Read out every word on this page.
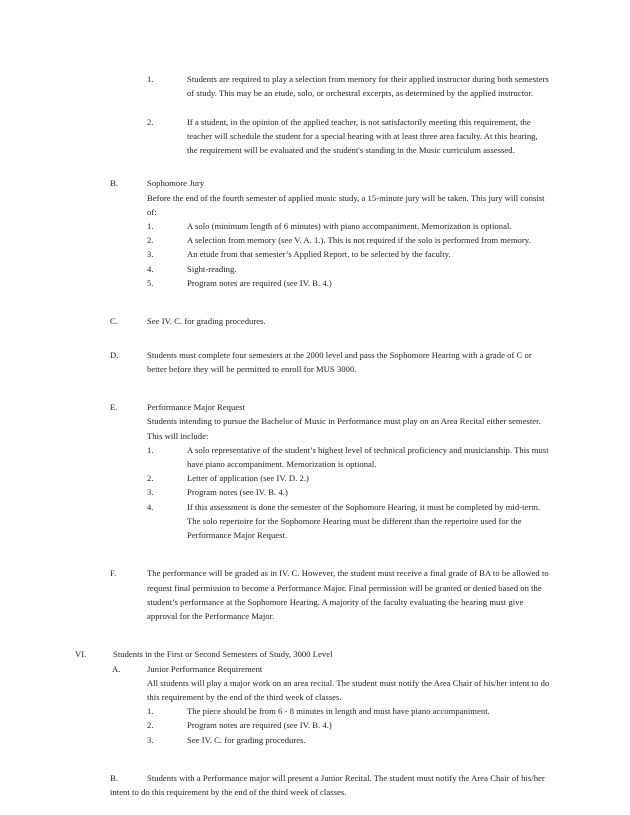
1.	Students are required to play a selection from memory for their applied instructor during both semesters of study. This may be an etude, solo, or orchestral excerpts, as determined by the applied instructor.
2.	If a student, in the opinion of the applied teacher, is not satisfactorily meeting this requirement, the teacher will schedule the student for a special hearing with at least three area faculty. At this hearing, the requirement will be evaluated and the student's standing in the Music curriculum assessed.
B.	Sophomore Jury
Before the end of the fourth semester of applied music study, a 15-minute jury will be taken. This jury will consist of:
1.	A solo (minimum length of 6 minutes) with piano accompaniment. Memorization is optional.
2.	A selection from memory (see V. A. 1.). This is not required if the solo is performed from memory.
3.	An etude from that semester’s Applied Report, to be selected by the faculty.
4.	Sight-reading.
5.	Program notes are required (see IV. B. 4.)
C.	See IV. C. for grading procedures.
D.	Students must complete four semesters at the 2000 level and pass the Sophomore Hearing with a grade of C or better before they will be permitted to enroll for MUS 3000.
E.	Performance Major Request
Students intending to pursue the Bachelor of Music in Performance must play on an Area Recital either semester. This will include:
1.	A solo representative of the student’s highest level of technical proficiency and musicianship. This must have piano accompaniment. Memorization is optional.
2.	Letter of application (see IV. D. 2.)
3.	Program notes (see IV. B. 4.)
4.	If this assessment is done the semester of the Sophomore Hearing, it must be completed by mid-term. The solo repertoire for the Sophomore Hearing must be different than the repertoire used for the Performance Major Request.
F.	The performance will be graded as in IV. C. However, the student must receive a final grade of BA to be allowed to request final permission to become a Performance Major. Final permission will be granted or denied based on the student’s performance at the Sophomore Hearing. A majority of the faculty evaluating the hearing must give approval for the Performance Major.
VI.	Students in the First or Second Semesters of Study, 3000 Level
A.	Junior Performance Requirement
All students will play a major work on an area recital. The student must notify the Area Chair of his/her intent to do this requirement by the end of the third week of classes.
1.	The piece should be from 6 - 8 minutes in length and must have piano accompaniment.
2.	Program notes are required (see IV. B. 4.)
3.	See IV. C. for grading procedures.
B.	Students with a Performance major will present a Junior Recital. The student must notify the Area Chair of his/her intent to do this requirement by the end of the third week of classes.
